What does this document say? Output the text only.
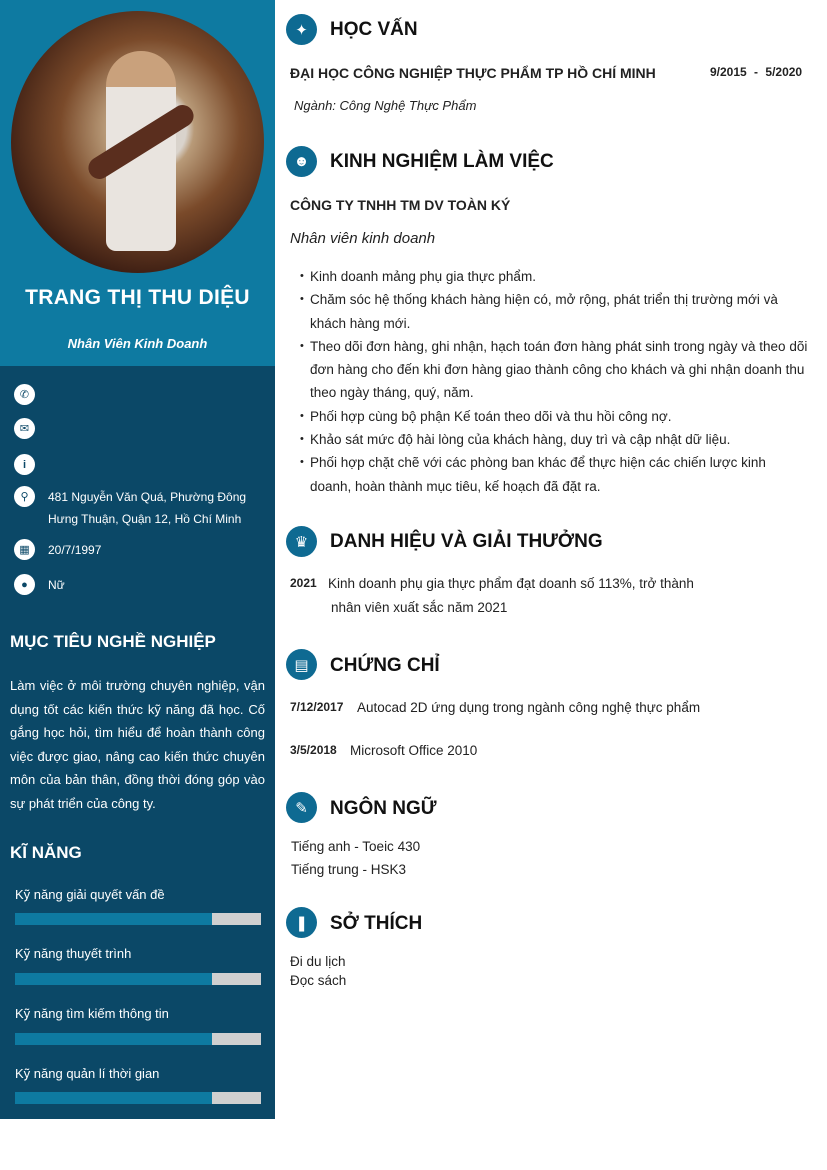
TRANG THỊ THU DIỆU
Nhân Viên Kinh Doanh
✆
✉
i
⚲	481 Nguyễn Văn Quá, Phường Đông Hưng Thuận, Quận 12, Hồ Chí Minh
▦	20/7/1997
●	Nữ
MỤC TIÊU NGHỀ NGHIỆP
Làm việc ở môi trường chuyên nghiệp, vận dụng tốt các kiến thức kỹ năng đã học. Cố gắng học hỏi, tìm hiểu để hoàn thành công việc được giao, nâng cao kiến thức chuyên môn của bản thân, đồng thời đóng góp vào sự phát triển của công ty.
KĨ NĂNG
Kỹ năng giải quyết vấn đề
Kỹ năng thuyết trình
Kỹ năng tìm kiếm thông tin
Kỹ năng quản lí thời gian
✦	HỌC VẤN
ĐẠI HỌC CÔNG NGHIỆP THỰC PHẨM TP HỒ CHÍ MINH	9/2015 - 5/2020
Ngành: Công Nghệ Thực Phẩm
☻	KINH NGHIỆM LÀM VIỆC
CÔNG TY TNHH TM DV TOÀN KÝ
Nhân viên kinh doanh
• Kinh doanh mảng phụ gia thực phẩm.
• Chăm sóc hệ thống khách hàng hiện có, mở rộng, phát triển thị trường mới và khách hàng mới.
• Theo dõi đơn hàng, ghi nhận, hạch toán đơn hàng phát sinh trong ngày và theo dõi đơn hàng cho đến khi đơn hàng giao thành công cho khách và ghi nhận doanh thu theo ngày tháng, quý, năm.
• Phối hợp cùng bộ phận Kế toán theo dõi và thu hồi công nợ.
• Khảo sát mức độ hài lòng của khách hàng, duy trì và cập nhật dữ liệu.
• Phối hợp chặt chẽ với các phòng ban khác để thực hiện các chiến lược kinh doanh, hoàn thành mục tiêu, kế hoạch đã đặt ra.
♛	DANH HIỆU VÀ GIẢI THƯỞNG
2021 Kinh doanh phụ gia thực phẩm đạt doanh số 113%, trở thành
nhân viên xuất sắc năm 2021
▤	CHỨNG CHỈ
7/12/2017 Autocad 2D ứng dụng trong ngành công nghệ thực phẩm
3/5/2018 Microsoft Office 2010
✎	NGÔN NGỮ
Tiếng anh - Toeic 430
Tiếng trung - HSK3
❚	SỞ THÍCH
Đi du lịch
Đọc sách
